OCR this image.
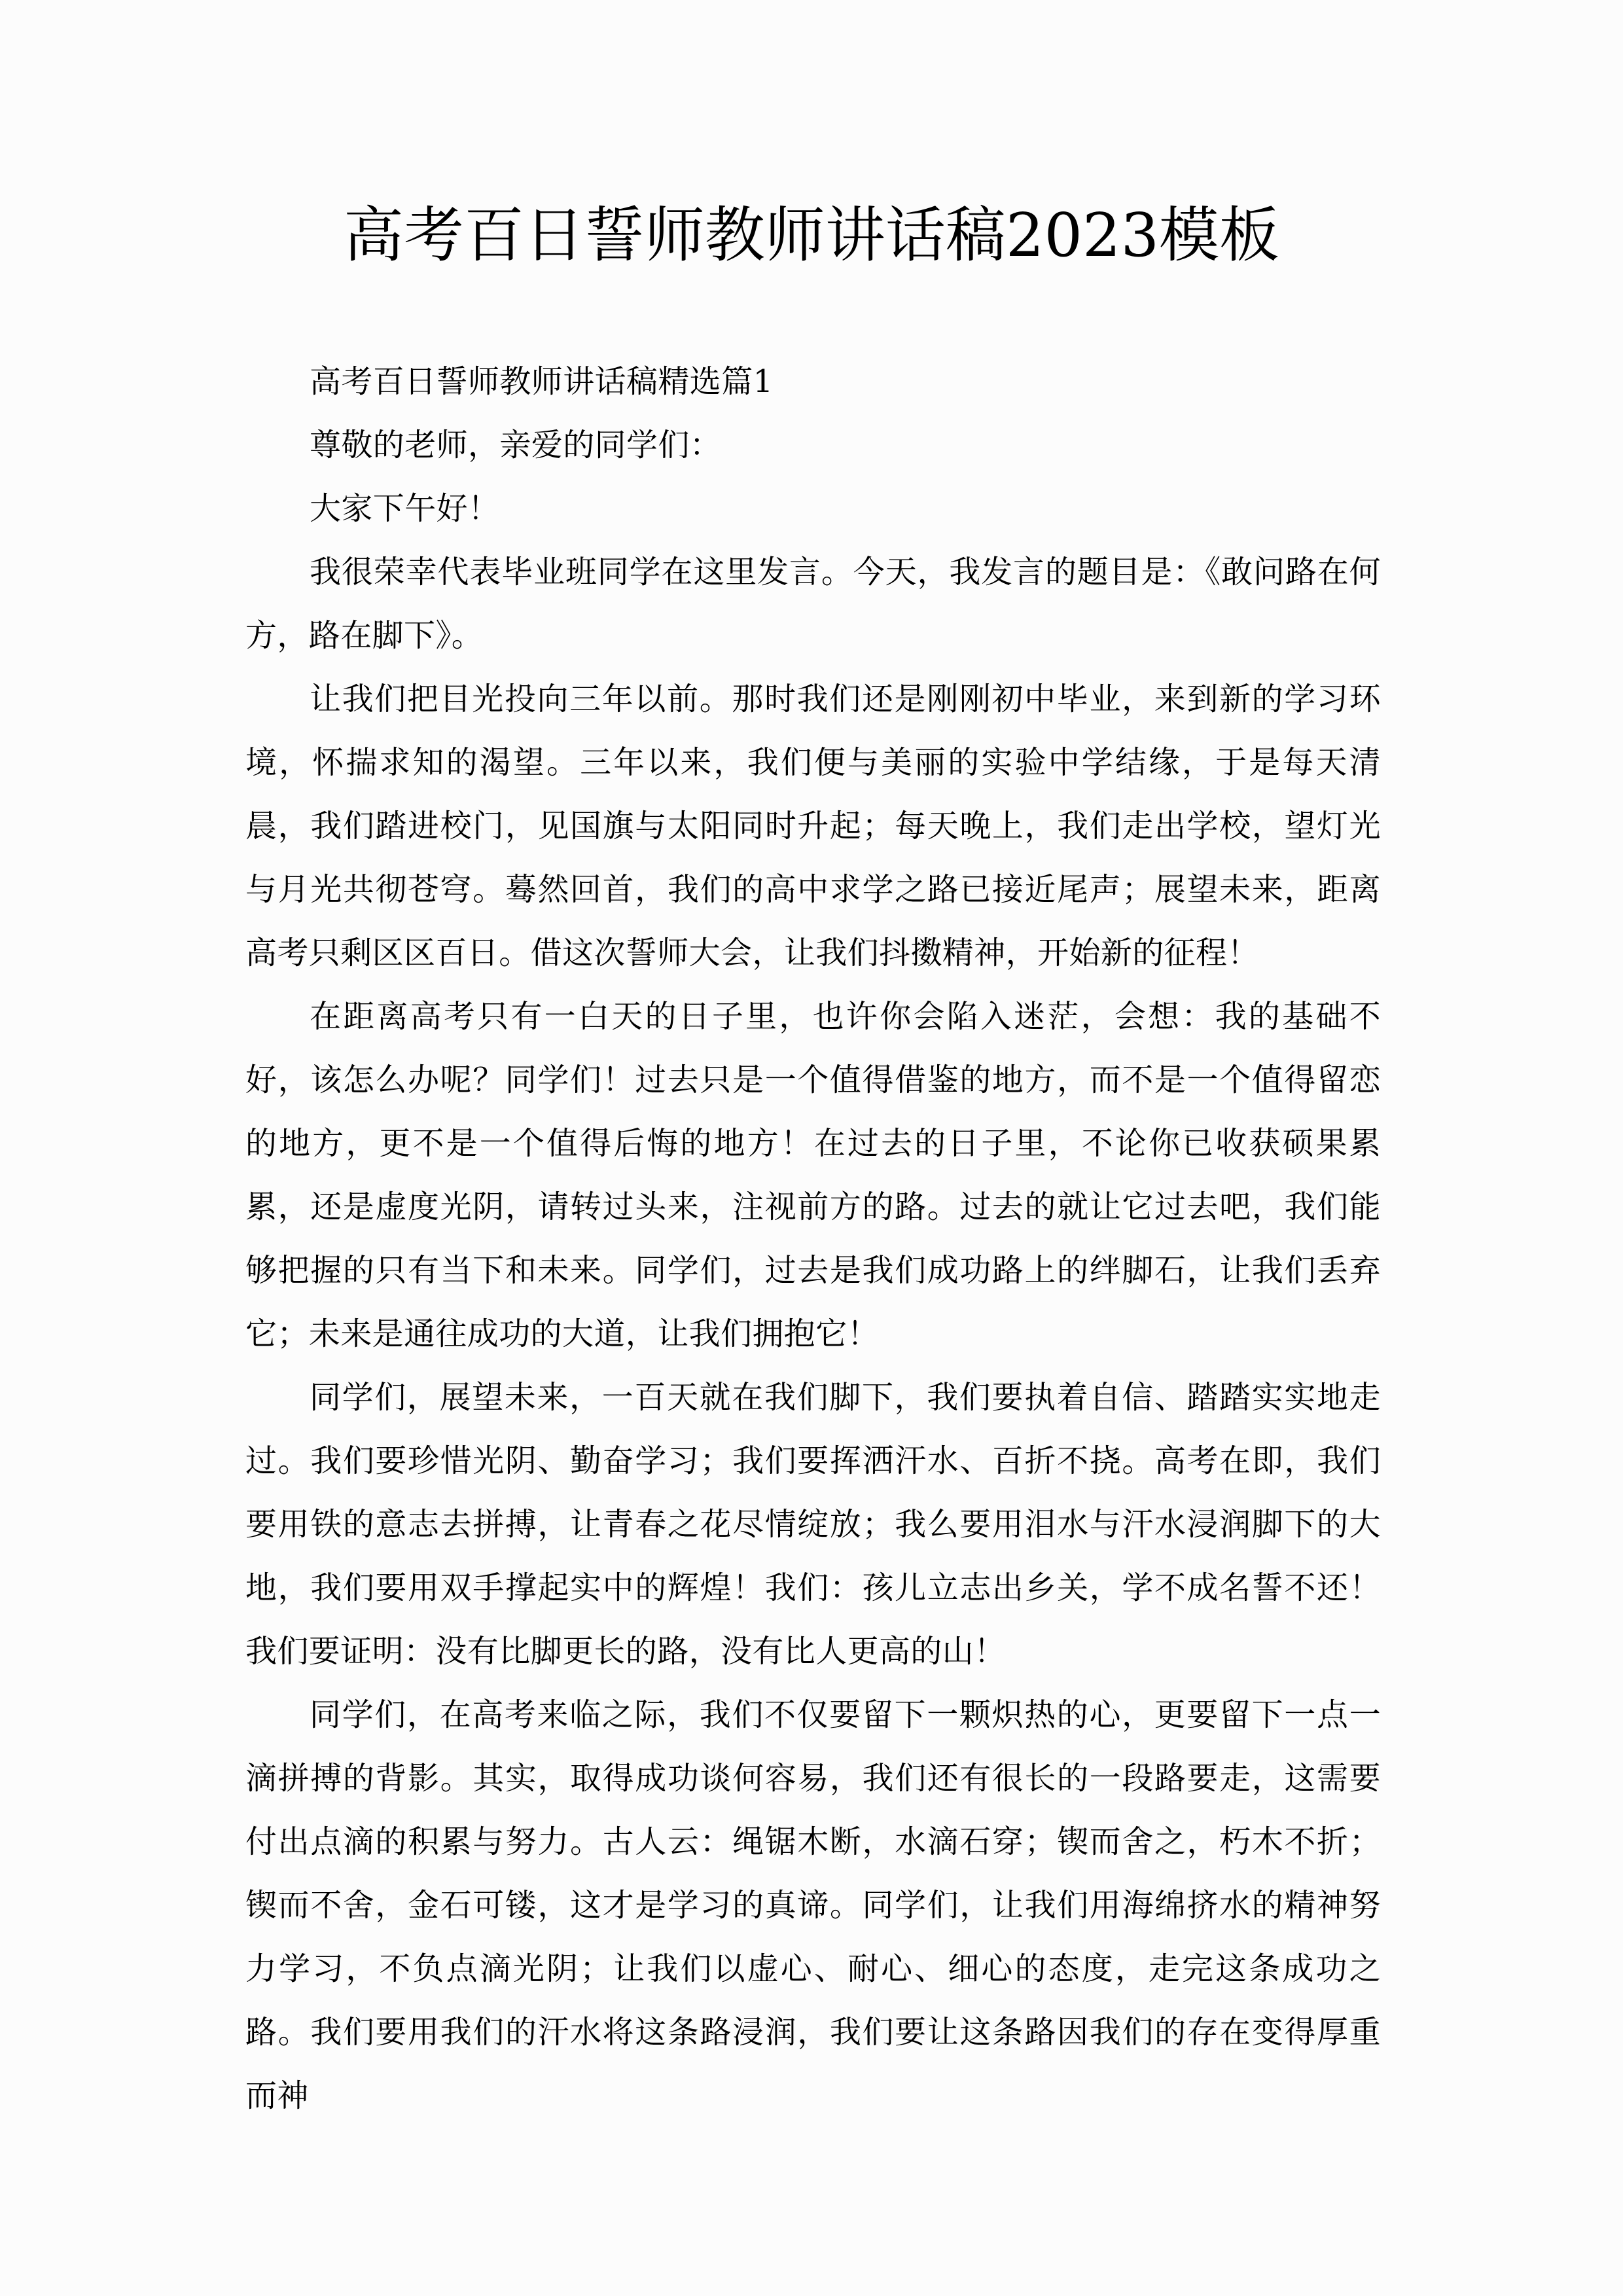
高考百日誓师教师讲话稿2023模板

高考百日誓师教师讲话稿精选篇1

尊敬的老师，亲爱的同学们：

大家下午好！

我很荣幸代表毕业班同学在这里发言。今天，我发言的题目是：《敢问路在何方，路在脚下》。

让我们把目光投向三年以前。那时我们还是刚刚初中毕业，来到新的学习环境，怀揣求知的渴望。三年以来，我们便与美丽的实验中学结缘，于是每天清晨，我们踏进校门，见国旗与太阳同时升起；每天晚上，我们走出学校，望灯光与月光共彻苍穹。蓦然回首，我们的高中求学之路已接近尾声；展望未来，距离高考只剩区区百日。借这次誓师大会，让我们抖擞精神，开始新的征程！

在距离高考只有一白天的日子里，也许你会陷入迷茫，会想：我的基础不好，该怎么办呢？同学们！过去只是一个值得借鉴的地方，而不是一个值得留恋的地方，更不是一个值得后悔的地方！在过去的日子里，不论你已收获硕果累累，还是虚度光阴，请转过头来，注视前方的路。过去的就让它过去吧，我们能够把握的只有当下和未来。同学们，过去是我们成功路上的绊脚石，让我们丢弃它；未来是通往成功的大道，让我们拥抱它！

同学们，展望未来，一百天就在我们脚下，我们要执着自信、踏踏实实地走过。我们要珍惜光阴、勤奋学习；我们要挥洒汗水、百折不挠。高考在即，我们要用铁的意志去拼搏，让青春之花尽情绽放；我么要用泪水与汗水浸润脚下的大地，我们要用双手撑起实中的辉煌！我们：孩儿立志出乡关，学不成名誓不还！我们要证明：没有比脚更长的路，没有比人更高的山！

同学们，在高考来临之际，我们不仅要留下一颗炽热的心，更要留下一点一滴拼搏的背影。其实，取得成功谈何容易，我们还有很长的一段路要走，这需要付出点滴的积累与努力。古人云：绳锯木断，水滴石穿；锲而舍之，朽木不折；锲而不舍，金石可镂，这才是学习的真谛。同学们，让我们用海绵挤水的精神努力学习，不负点滴光阴；让我们以虚心、耐心、细心的态度，走完这条成功之路。我们要用我们的汗水将这条路浸润，我们要让这条路因我们的存在变得厚重而神
